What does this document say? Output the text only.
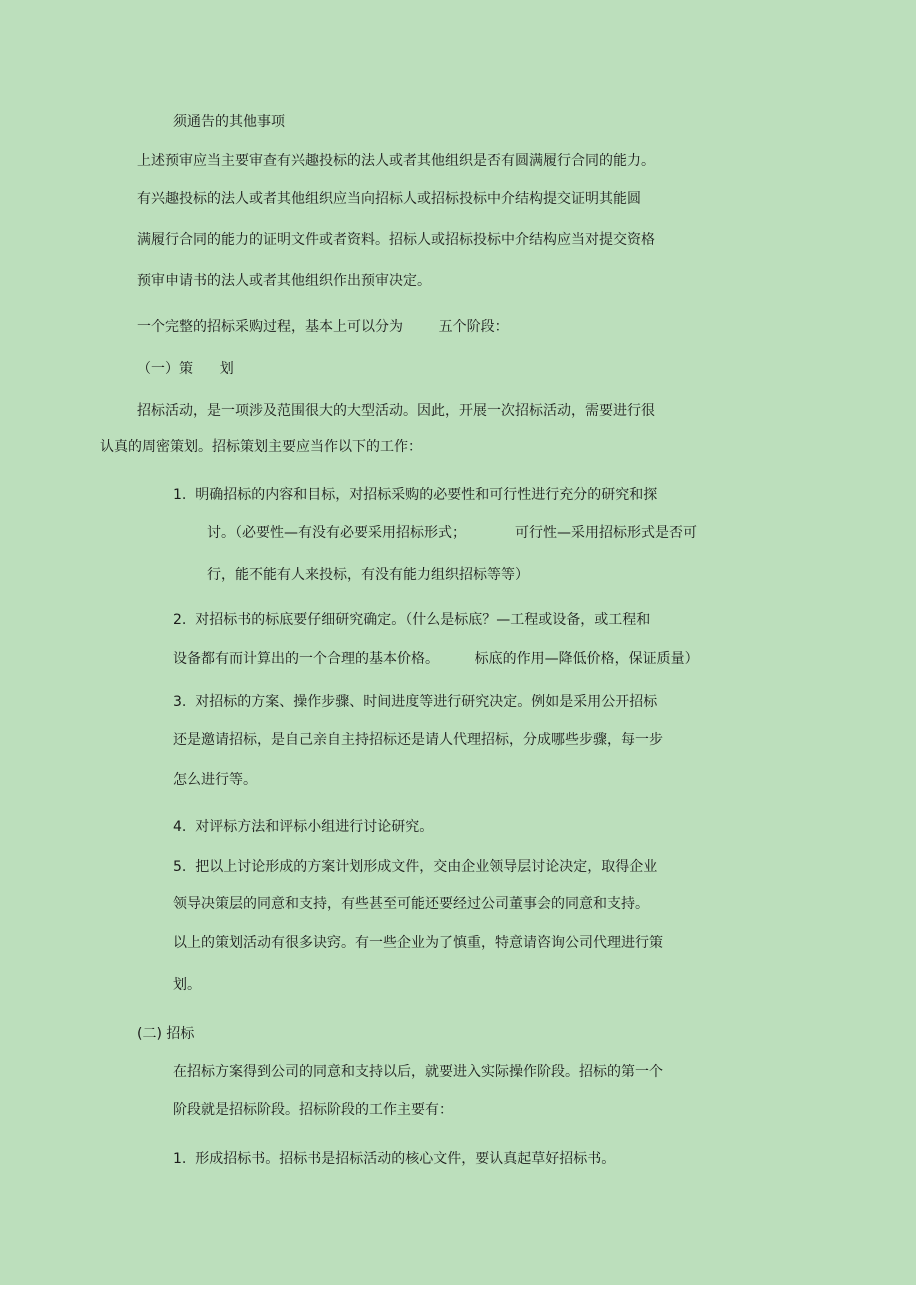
须通告的其他事项

上述预审应当主要审查有兴趣投标的法人或者其他组织是否有圆满履行合同的能力。

有兴趣投标的法人或者其他组织应当向招标人或招标投标中介结构提交证明其能圆

满履行合同的能力的证明文件或者资料。招标人或招标投标中介结构应当对提交资格

预审申请书的法人或者其他组织作出预审决定。

一个完整的招标采购过程，基本上可以分为        五个阶段：

（一）策      划

招标活动，是一项涉及范围很大的大型活动。因此，开展一次招标活动，需要进行很

认真的周密策划。招标策划主要应当作以下的工作：

1.  明确招标的内容和目标，对招标采购的必要性和可行性进行充分的研究和探

讨。（必要性—有没有必要采用招标形式；           可行性—采用招标形式是否可

行，能不能有人来投标，有没有能力组织招标等等）

2.  对招标书的标底要仔细研究确定。（什么是标底？—工程或设备，或工程和

设备都有而计算出的一个合理的基本价格。        标底的作用—降低价格，保证质量）

3.  对招标的方案、操作步骤、时间进度等进行研究决定。例如是采用公开招标

还是邀请招标，是自己亲自主持招标还是请人代理招标，分成哪些步骤，每一步

怎么进行等。

4.  对评标方法和评标小组进行讨论研究。

5.  把以上讨论形成的方案计划形成文件，交由企业领导层讨论决定，取得企业

领导决策层的同意和支持，有些甚至可能还要经过公司董事会的同意和支持。

以上的策划活动有很多诀窍。有一些企业为了慎重，特意请咨询公司代理进行策

划。

(二) 招标

在招标方案得到公司的同意和支持以后，就要进入实际操作阶段。招标的第一个

阶段就是招标阶段。招标阶段的工作主要有：

1.  形成招标书。招标书是招标活动的核心文件，要认真起草好招标书。
